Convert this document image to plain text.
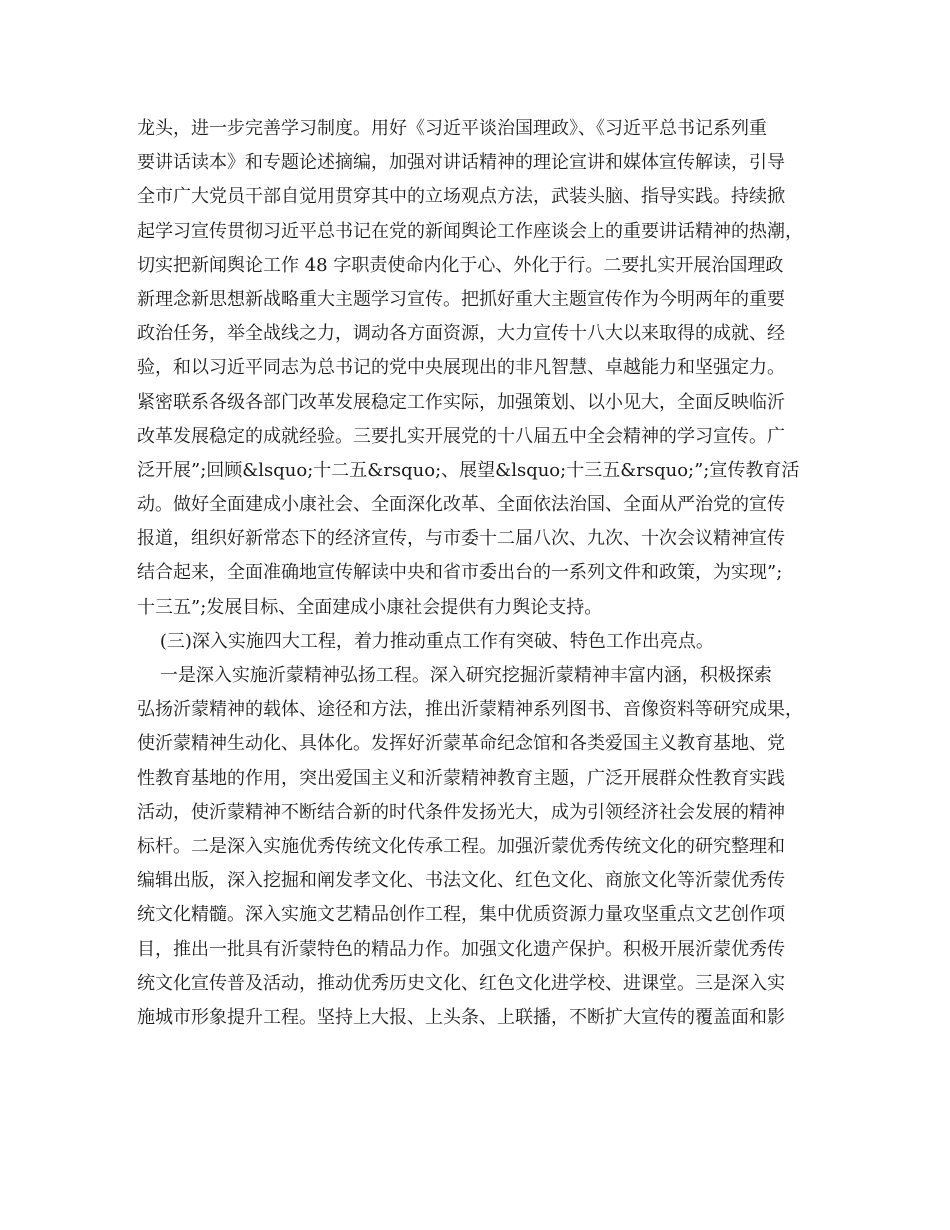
龙头，进一步完善学习制度。用好《习近平谈治国理政》、《习近平总书记系列重
要讲话读本》和专题论述摘编，加强对讲话精神的理论宣讲和媒体宣传解读，引导
全市广大党员干部自觉用贯穿其中的立场观点方法，武装头脑、指导实践。持续掀
起学习宣传贯彻习近平总书记在党的新闻舆论工作座谈会上的重要讲话精神的热潮，
切实把新闻舆论工作 48 字职责使命内化于心、外化于行。二要扎实开展治国理政
新理念新思想新战略重大主题学习宣传。把抓好重大主题宣传作为今明两年的重要
政治任务，举全战线之力，调动各方面资源，大力宣传十八大以来取得的成就、经
验，和以习近平同志为总书记的党中央展现出的非凡智慧、卓越能力和坚强定力。
紧密联系各级各部门改革发展稳定工作实际，加强策划、以小见大，全面反映临沂
改革发展稳定的成就经验。三要扎实开展党的十八届五中全会精神的学习宣传。广
泛开展”;回顾&lsquo;十二五&rsquo;、展望&lsquo;十三五&rsquo;”;宣传教育活
动。做好全面建成小康社会、全面深化改革、全面依法治国、全面从严治党的宣传
报道，组织好新常态下的经济宣传，与市委十二届八次、九次、十次会议精神宣传
结合起来，全面准确地宣传解读中央和省市委出台的一系列文件和政策，为实现”;
十三五”;发展目标、全面建成小康社会提供有力舆论支持。
(三)深入实施四大工程，着力推动重点工作有突破、特色工作出亮点。
一是深入实施沂蒙精神弘扬工程。深入研究挖掘沂蒙精神丰富内涵，积极探索
弘扬沂蒙精神的载体、途径和方法，推出沂蒙精神系列图书、音像资料等研究成果，
使沂蒙精神生动化、具体化。发挥好沂蒙革命纪念馆和各类爱国主义教育基地、党
性教育基地的作用，突出爱国主义和沂蒙精神教育主题，广泛开展群众性教育实践
活动，使沂蒙精神不断结合新的时代条件发扬光大，成为引领经济社会发展的精神
标杆。二是深入实施优秀传统文化传承工程。加强沂蒙优秀传统文化的研究整理和
编辑出版，深入挖掘和阐发孝文化、书法文化、红色文化、商旅文化等沂蒙优秀传
统文化精髓。深入实施文艺精品创作工程，集中优质资源力量攻坚重点文艺创作项
目，推出一批具有沂蒙特色的精品力作。加强文化遗产保护。积极开展沂蒙优秀传
统文化宣传普及活动，推动优秀历史文化、红色文化进学校、进课堂。三是深入实
施城市形象提升工程。坚持上大报、上头条、上联播，不断扩大宣传的覆盖面和影
